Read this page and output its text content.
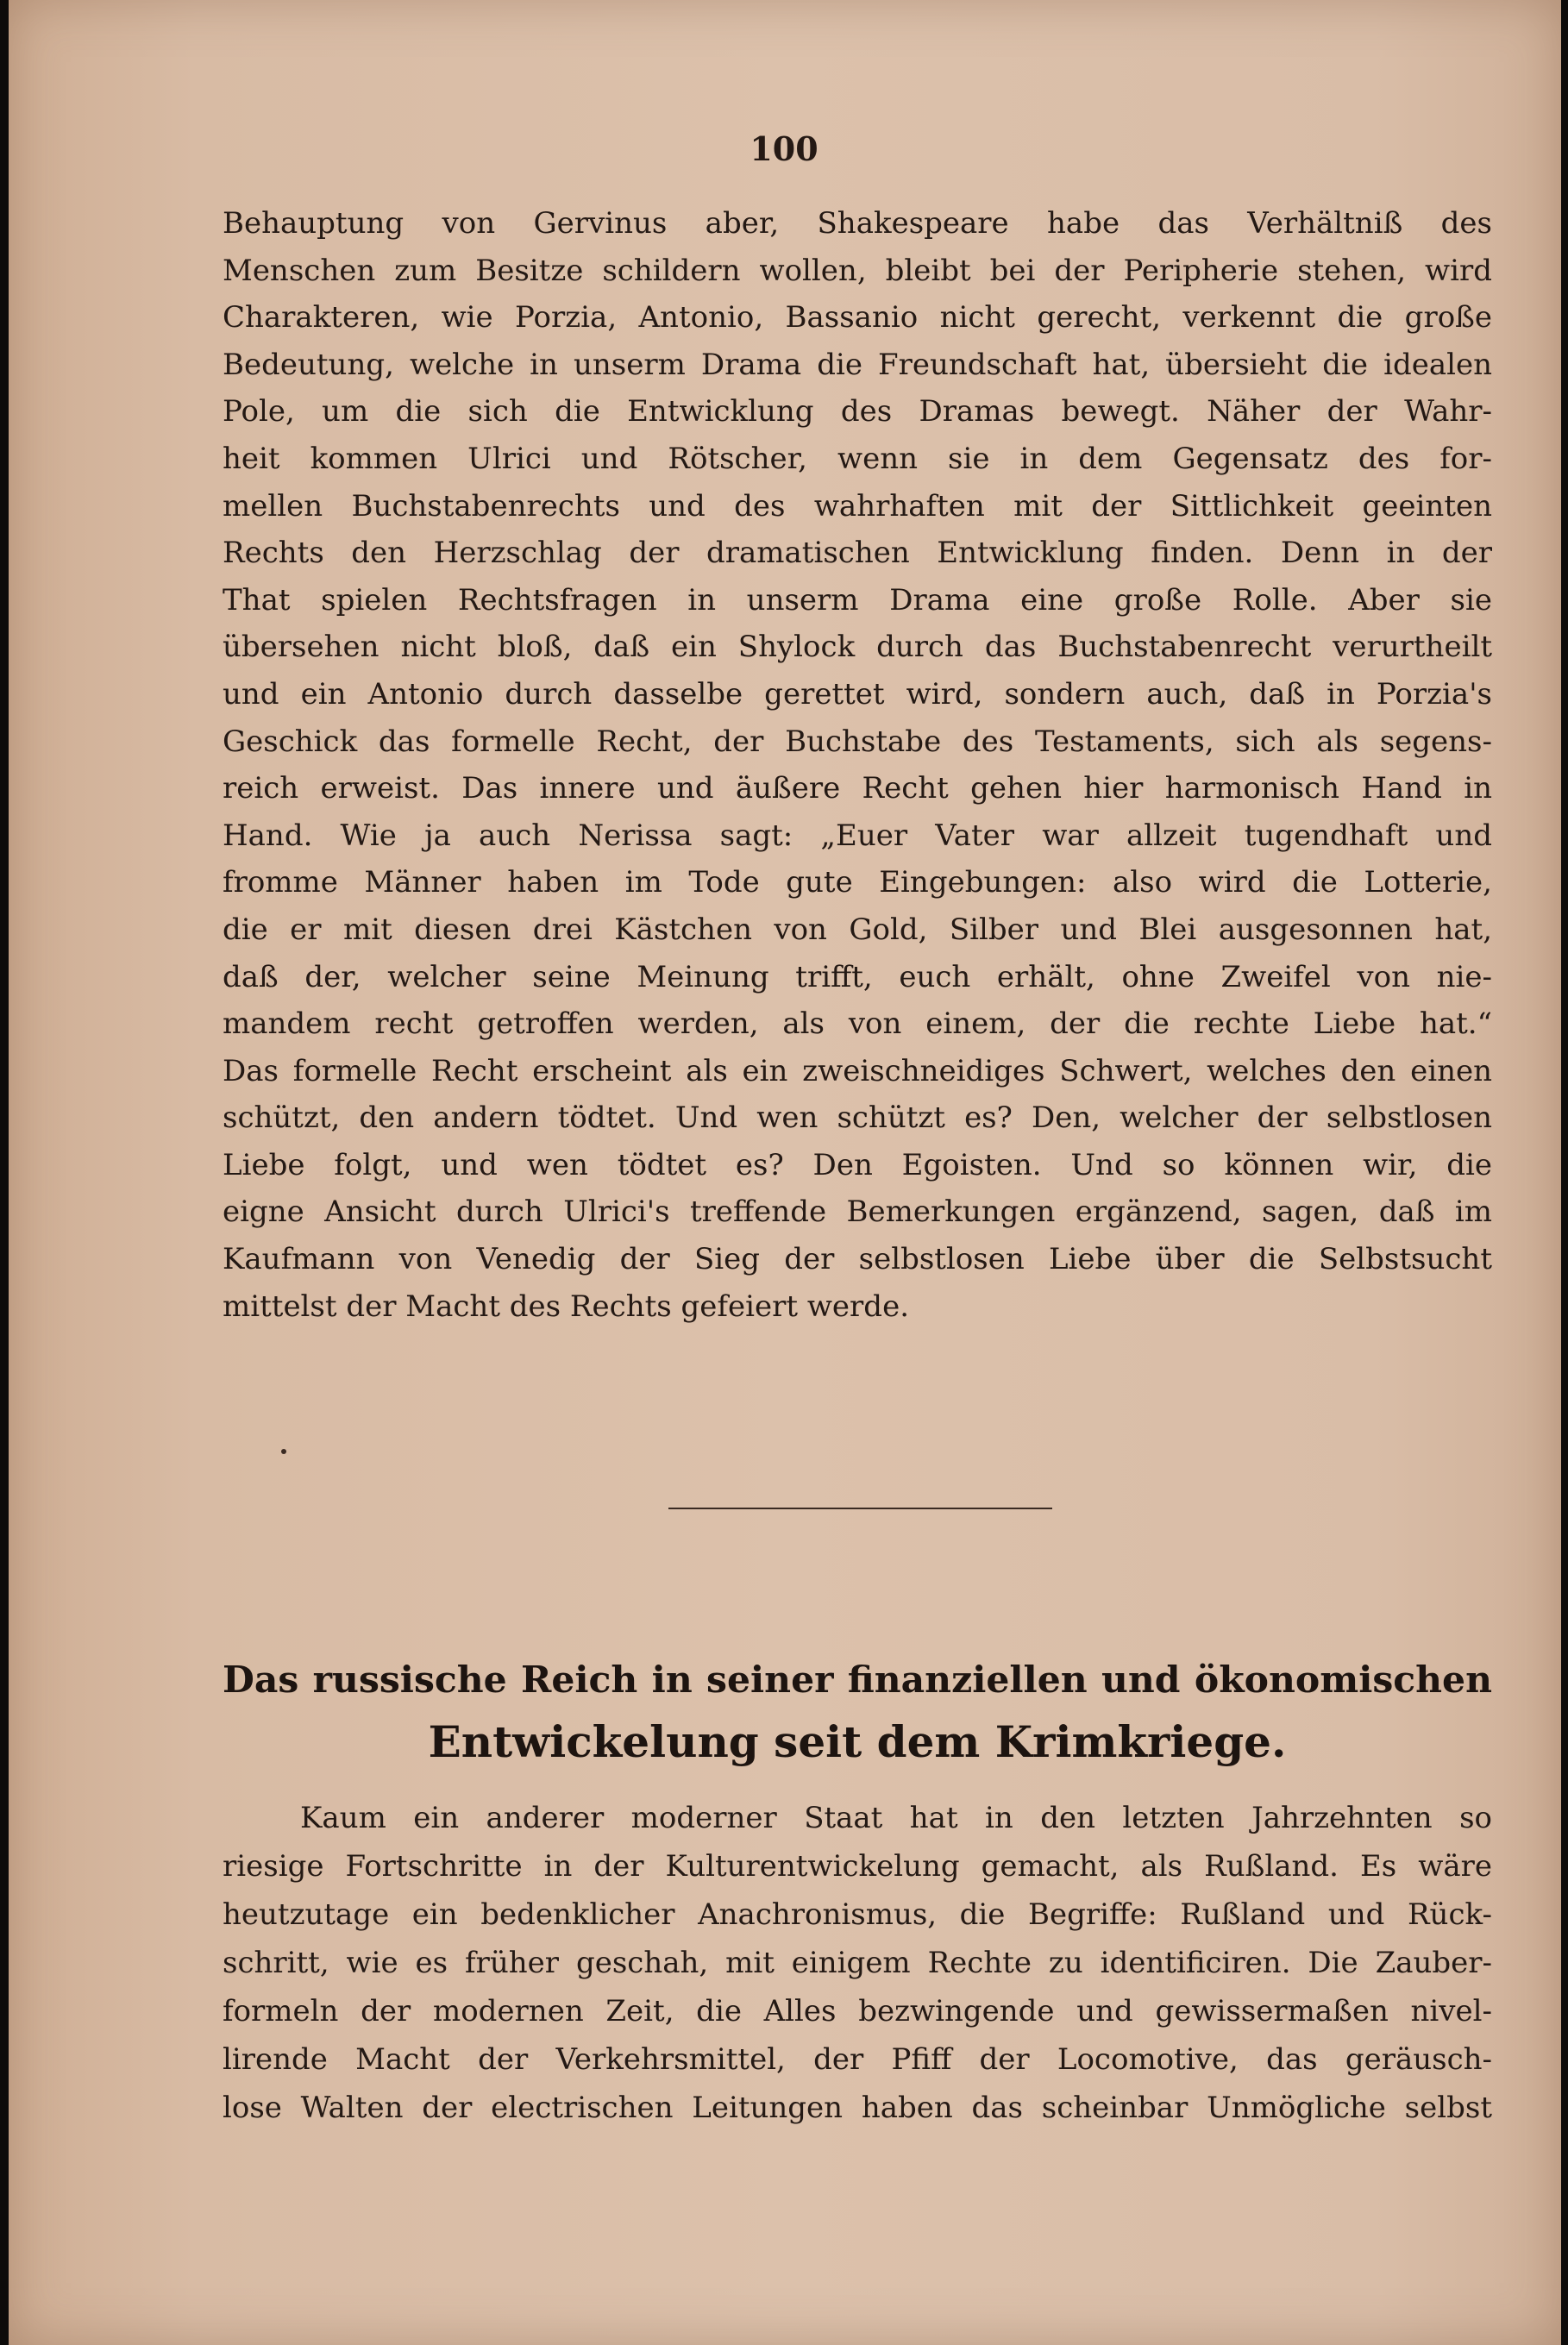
100
Behauptung von Gervinus aber, Shakespeare habe das Verhältniß des
Menschen zum Besitze schildern wollen, bleibt bei der Peripherie stehen, wird
Charakteren, wie Porzia, Antonio, Bassanio nicht gerecht, verkennt die große
Bedeutung, welche in unserm Drama die Freundschaft hat, übersieht die idealen
Pole, um die sich die Entwicklung des Dramas bewegt. Näher der Wahr-
heit kommen Ulrici und Rötscher, wenn sie in dem Gegensatz des for-
mellen Buchstabenrechts und des wahrhaften mit der Sittlichkeit geeinten
Rechts den Herzschlag der dramatischen Entwicklung finden. Denn in der
That spielen Rechtsfragen in unserm Drama eine große Rolle. Aber sie
übersehen nicht bloß, daß ein Shylock durch das Buchstabenrecht verurtheilt
und ein Antonio durch dasselbe gerettet wird, sondern auch, daß in Porzia's
Geschick das formelle Recht, der Buchstabe des Testaments, sich als segens-
reich erweist. Das innere und äußere Recht gehen hier harmonisch Hand in
Hand. Wie ja auch Nerissa sagt: „Euer Vater war allzeit tugendhaft und
fromme Männer haben im Tode gute Eingebungen: also wird die Lotterie,
die er mit diesen drei Kästchen von Gold, Silber und Blei ausgesonnen hat,
daß der, welcher seine Meinung trifft, euch erhält, ohne Zweifel von nie-
mandem recht getroffen werden, als von einem, der die rechte Liebe hat.“
Das formelle Recht erscheint als ein zweischneidiges Schwert, welches den einen
schützt, den andern tödtet. Und wen schützt es? Den, welcher der selbstlosen
Liebe folgt, und wen tödtet es? Den Egoisten. Und so können wir, die
eigne Ansicht durch Ulrici's treffende Bemerkungen ergänzend, sagen, daß im
Kaufmann von Venedig der Sieg der selbstlosen Liebe über die Selbstsucht
mittelst der Macht des Rechts gefeiert werde.
Das russische Reich in seiner finanziellen und ökonomischen
Entwickelung seit dem Krimkriege.
Kaum ein anderer moderner Staat hat in den letzten Jahrzehnten so
riesige Fortschritte in der Kulturentwickelung gemacht, als Rußland. Es wäre
heutzutage ein bedenklicher Anachronismus, die Begriffe: Rußland und Rück-
schritt, wie es früher geschah, mit einigem Rechte zu identificiren. Die Zauber-
formeln der modernen Zeit, die Alles bezwingende und gewissermaßen nivel-
lirende Macht der Verkehrsmittel, der Pfiff der Locomotive, das geräusch-
lose Walten der electrischen Leitungen haben das scheinbar Unmögliche selbst
